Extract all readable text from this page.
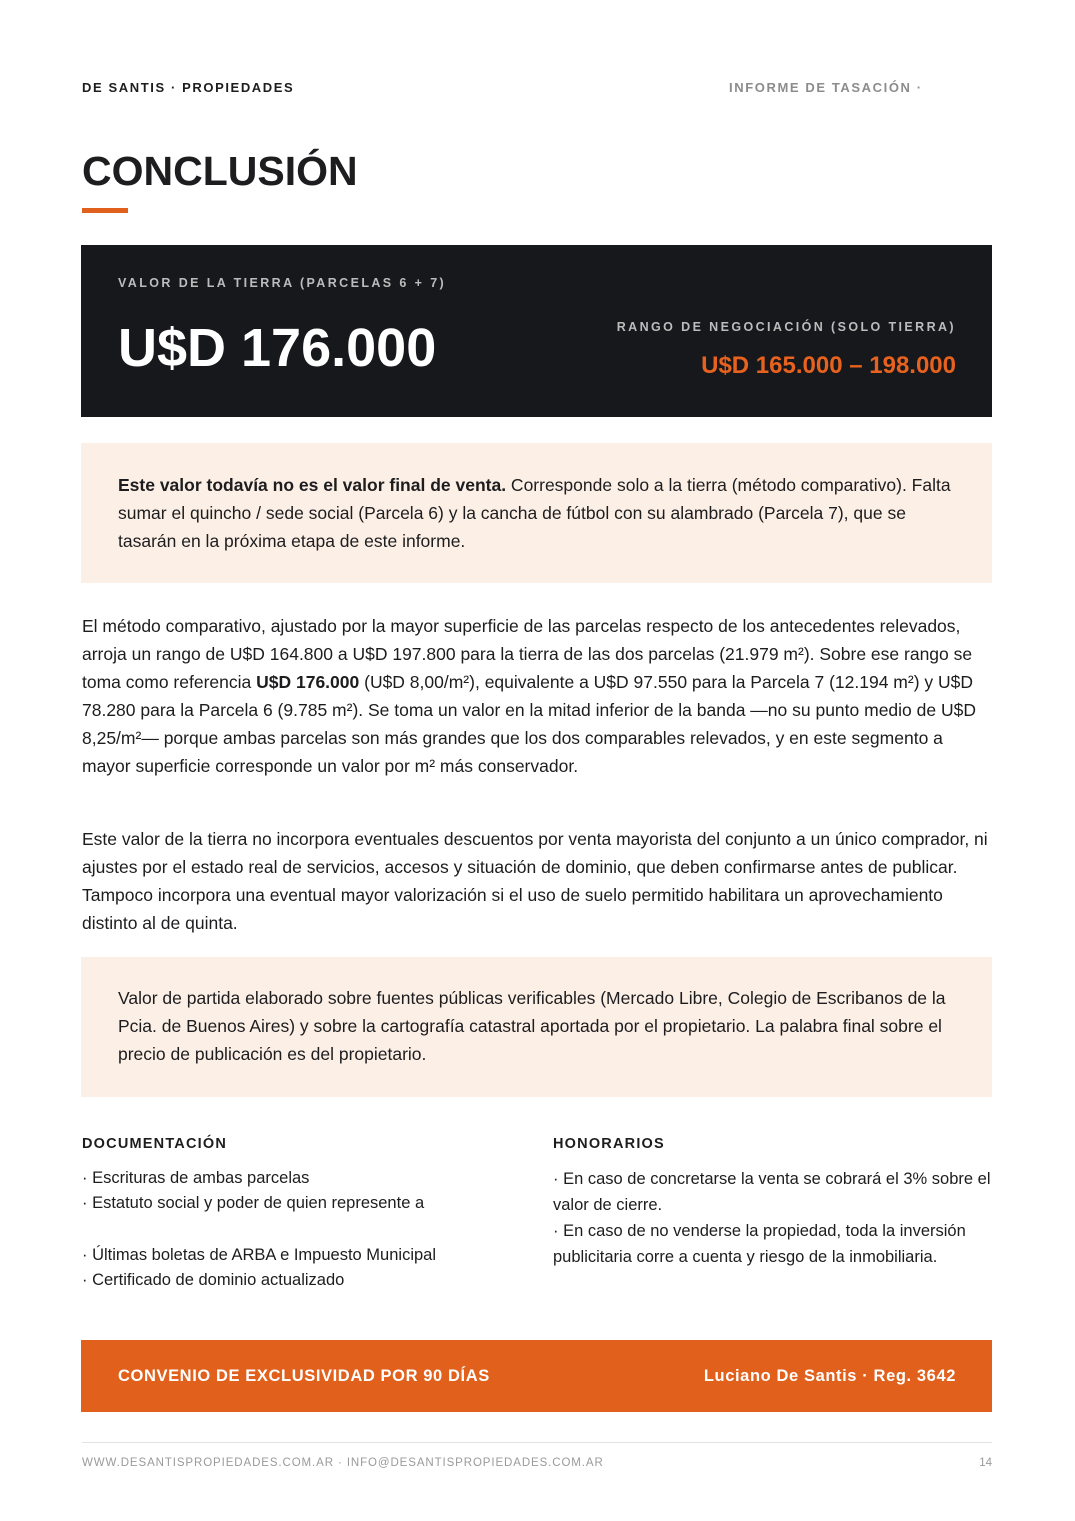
DE SANTIS · PROPIEDADES	INFORME DE TASACIÓN ·
CONCLUSIÓN
VALOR DE LA TIERRA (PARCELAS 6 + 7)
U$D 176.000	RANGO DE NEGOCIACIÓN (SOLO TIERRA)
U$D 165.000 – 198.000

Este valor todavía no es el valor final de venta. Corresponde solo a la tierra (método comparativo). Falta sumar el quincho / sede social (Parcela 6) y la cancha de fútbol con su alambrado (Parcela 7), que se tasarán en la próxima etapa de este informe.

El método comparativo, ajustado por la mayor superficie de las parcelas respecto de los antecedentes relevados, arroja un rango de U$D 164.800 a U$D 197.800 para la tierra de las dos parcelas (21.979 m²). Sobre ese rango se toma como referencia U$D 176.000 (U$D 8,00/m²), equivalente a U$D 97.550 para la Parcela 7 (12.194 m²) y U$D 78.280 para la Parcela 6 (9.785 m²). Se toma un valor en la mitad inferior de la banda —no su punto medio de U$D 8,25/m²— porque ambas parcelas son más grandes que los dos comparables relevados, y en este segmento a mayor superficie corresponde un valor por m² más conservador.

Este valor de la tierra no incorpora eventuales descuentos por venta mayorista del conjunto a un único comprador, ni ajustes por el estado real de servicios, accesos y situación de dominio, que deben confirmarse antes de publicar. Tampoco incorpora una eventual mayor valorización si el uso de suelo permitido habilitara un aprovechamiento distinto al de quinta.

Valor de partida elaborado sobre fuentes públicas verificables (Mercado Libre, Colegio de Escribanos de la Pcia. de Buenos Aires) y sobre la cartografía catastral aportada por el propietario. La palabra final sobre el precio de publicación es del propietario.

DOCUMENTACIÓN
· Escrituras de ambas parcelas
· Estatuto social y poder de quien represente a
· Últimas boletas de ARBA e Impuesto Municipal
· Certificado de dominio actualizado
HONORARIOS
· En caso de concretarse la venta se cobrará el 3% sobre el valor de cierre.
· En caso de no venderse la propiedad, toda la inversión publicitaria corre a cuenta y riesgo de la inmobiliaria.
CONVENIO DE EXCLUSIVIDAD POR 90 DÍAS	Luciano De Santis · Reg. 3642
WWW.DESANTISPROPIEDADES.COM.AR · INFO@DESANTISPROPIEDADES.COM.AR	14
